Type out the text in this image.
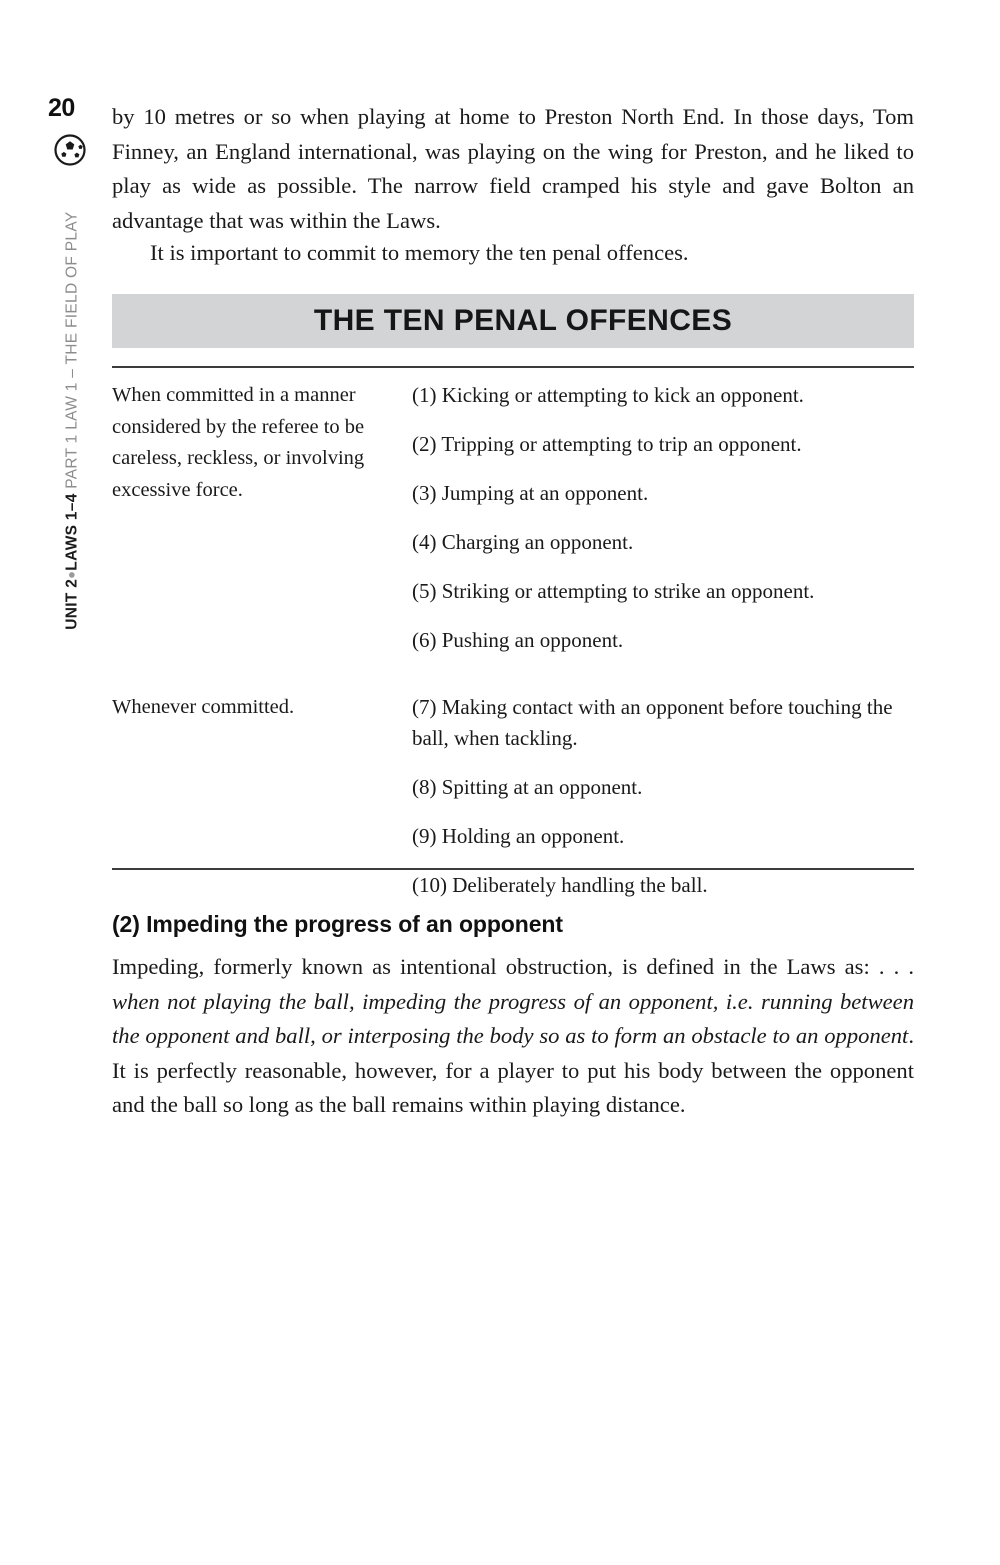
20
UNIT 2●LAWS 1–4 PART 1 LAW 1 – THE FIELD OF PLAY

by 10 metres or so when playing at home to Preston North End. In those days, Tom Finney, an England international, was playing on the wing for Preston, and he liked to play as wide as possible. The narrow field cramped his style and gave Bolton an advantage that was within the Laws.

It is important to commit to memory the ten penal offences.

THE TEN PENAL OFFENCES

When committed in a manner considered by the referee to be careless, reckless, or involving excessive force.

(1) Kicking or attempting to kick an opponent.

(2) Tripping or attempting to trip an opponent.

(3) Jumping at an opponent.

(4) Charging an opponent.

(5) Striking or attempting to strike an opponent.

(6) Pushing an opponent.

Whenever committed.	(7) Making contact with an opponent before touching the ball, when tackling.

(8) Spitting at an opponent.

(9) Holding an opponent.

(10) Deliberately handling the ball.

(2) Impeding the progress of an opponent

Impeding, formerly known as intentional obstruction, is defined in the Laws as: . . . when not playing the ball, impeding the progress of an opponent, i.e. running between the opponent and ball, or interposing the body so as to form an obstacle to an opponent. It is perfectly reasonable, however, for a player to put his body between the opponent and the ball so long as the ball remains within playing distance.
